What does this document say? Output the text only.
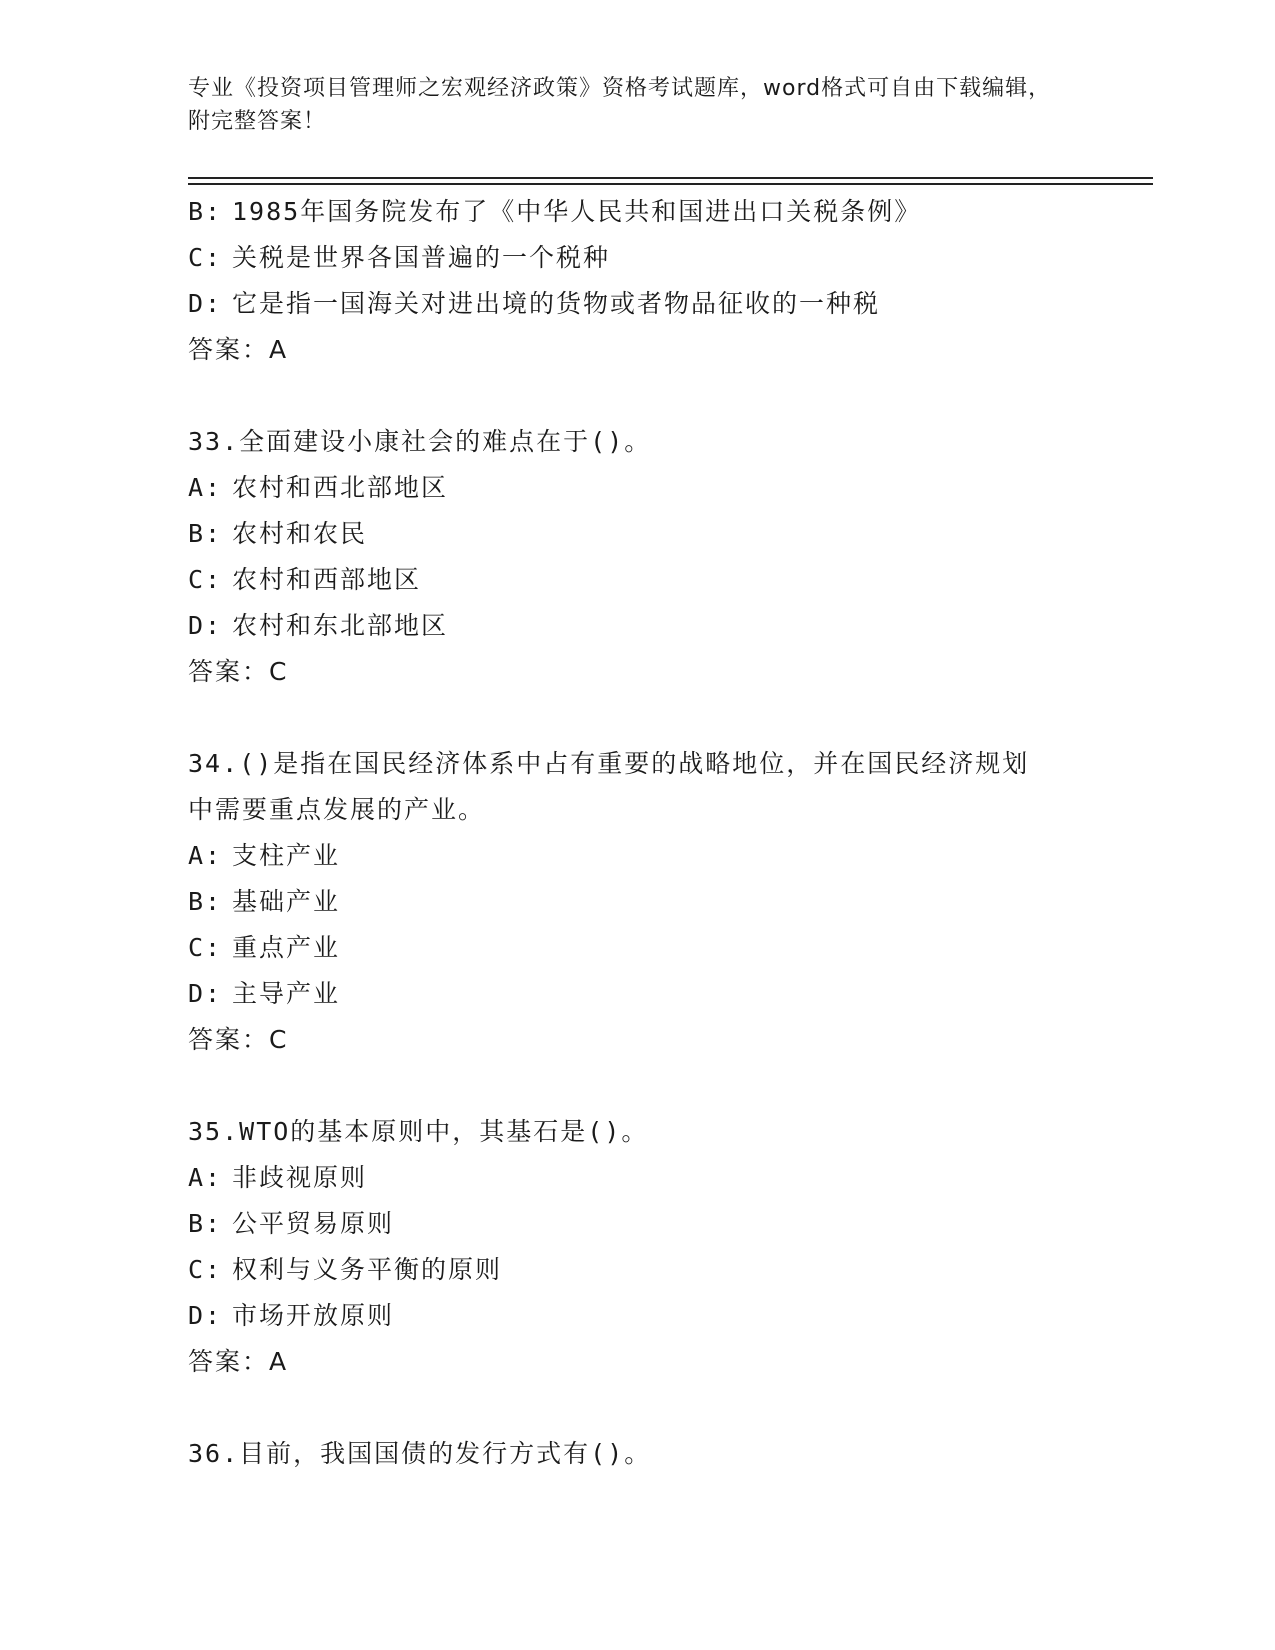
专业《投资项目管理师之宏观经济政策》资格考试题库，word格式可自由下载编辑，附完整答案！
B: 1985年国务院发布了《中华人民共和国进出口关税条例》
C: 关税是世界各国普遍的一个税种
D: 它是指一国海关对进出境的货物或者物品征收的一种税
答案：A
33.全面建设小康社会的难点在于()。
A: 农村和西北部地区
B: 农村和农民
C: 农村和西部地区
D: 农村和东北部地区
答案：C
34.()是指在国民经济体系中占有重要的战略地位，并在国民经济规划
中需要重点发展的产业。
A: 支柱产业
B: 基础产业
C: 重点产业
D: 主导产业
答案：C
35.WTO的基本原则中，其基石是()。
A: 非歧视原则
B: 公平贸易原则
C: 权利与义务平衡的原则
D: 市场开放原则
答案：A
36.目前，我国国债的发行方式有()。
